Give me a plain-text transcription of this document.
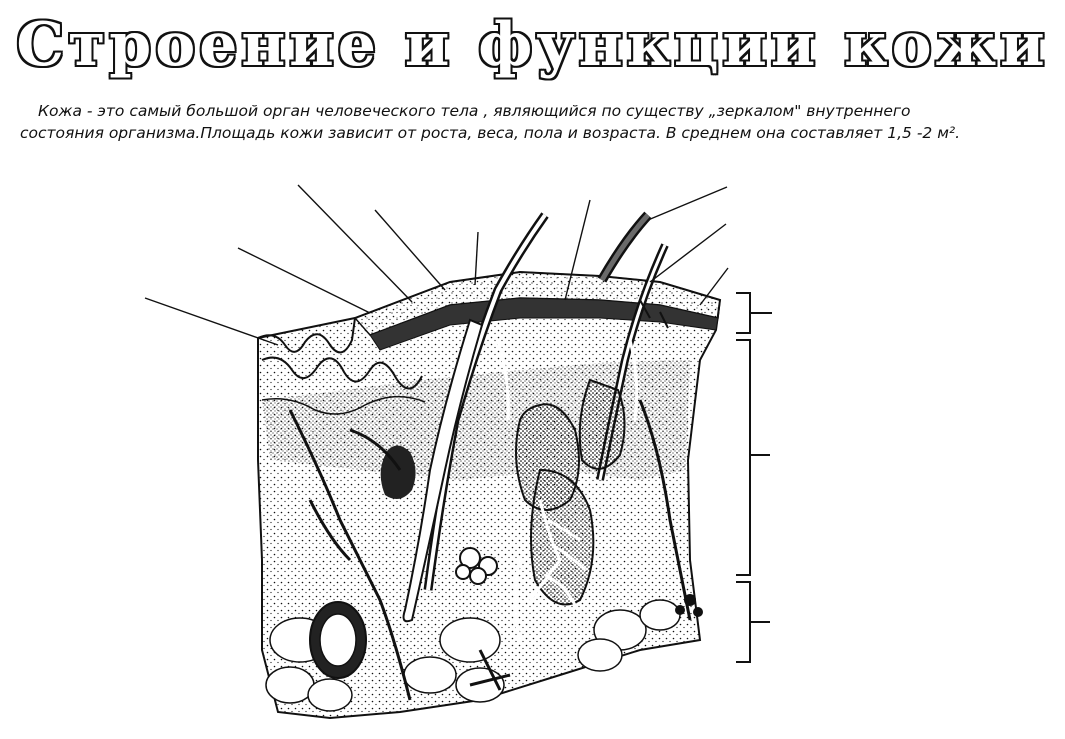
Строение и функции кожи
Кожа - это самый большой орган человеческого тела , являющийся по существу „зеркалом" внутреннего
состояния организма.Площадь кожи зависит от роста, веса, пола и возраста. В среднем она составляет 1,5 -2 м².
